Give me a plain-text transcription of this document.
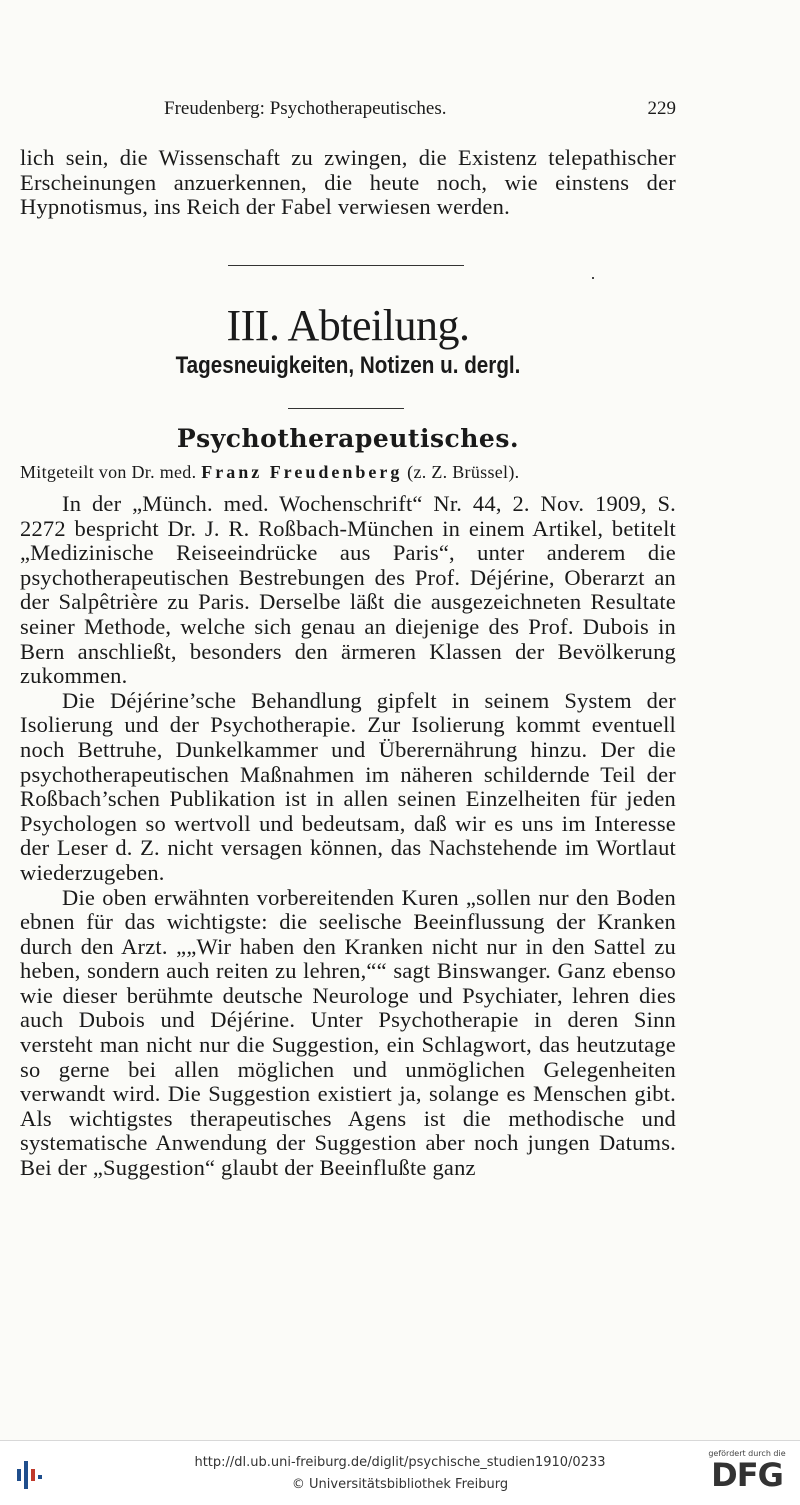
Freudenberg: Psychotherapeutisches.	229

lich sein, die Wissenschaft zu zwingen, die Existenz telepathischer Erscheinungen anzuerkennen, die heute noch, wie einstens der Hypnotismus, ins Reich der Fabel verwiesen werden.

III. Abteilung.
Tagesneuigkeiten, Notizen u. dergl.
Psychotherapeutisches.
Mitgeteilt von Dr. med. Franz Freudenberg (z. Z. Brüssel).

In der „Münch. med. Wochenschrift“ Nr. 44, 2. Nov. 1909, S. 2272 bespricht Dr. J. R. Roßbach-München in einem Artikel, betitelt „Medizinische Reiseeindrücke aus Paris“, unter anderem die psychotherapeutischen Bestrebungen des Prof. Déjérine, Oberarzt an der Salpêtrière zu Paris. Derselbe läßt die ausgezeichneten Resultate seiner Methode, welche sich genau an diejenige des Prof. Dubois in Bern anschließt, besonders den ärmeren Klassen der Bevölkerung zukommen.

Die Déjérine’sche Behandlung gipfelt in seinem System der Isolierung und der Psychotherapie. Zur Isolierung kommt eventuell noch Bettruhe, Dunkelkammer und Überernährung hinzu. Der die psychotherapeutischen Maßnahmen im näheren schildernde Teil der Roßbach’schen Publikation ist in allen seinen Einzelheiten für jeden Psychologen so wertvoll und bedeutsam, daß wir es uns im Interesse der Leser d. Z. nicht versagen können, das Nachstehende im Wortlaut wiederzugeben.

Die oben erwähnten vorbereitenden Kuren „sollen nur den Boden ebnen für das wichtigste: die seelische Beeinflussung der Kranken durch den Arzt. „„Wir haben den Kranken nicht nur in den Sattel zu heben, sondern auch reiten zu lehren,““ sagt Binswanger. Ganz ebenso wie dieser berühmte deutsche Neurologe und Psychiater, lehren dies auch Dubois und Déjérine. Unter Psychotherapie in deren Sinn versteht man nicht nur die Suggestion, ein Schlagwort, das heutzutage so gerne bei allen möglichen und unmöglichen Gelegenheiten verwandt wird. Die Suggestion existiert ja, solange es Menschen gibt. Als wichtigstes therapeutisches Agens ist die methodische und systematische Anwendung der Suggestion aber noch jungen Datums. Bei der „Suggestion“ glaubt der Beeinflußte ganz

http://dl.ub.uni-freiburg.de/diglit/psychische_studien1910/0233
© Universitätsbibliothek Freiburg
gefördert durch die
DFG
